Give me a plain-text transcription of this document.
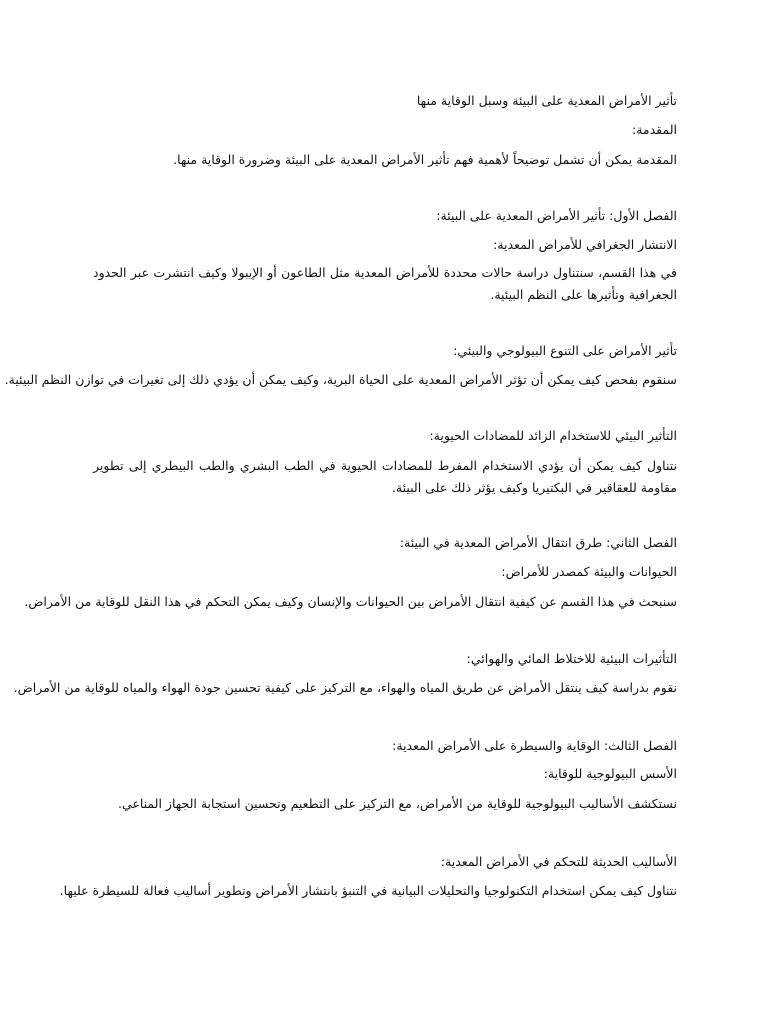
تأثير الأمراض المعدية على البيئة وسبل الوقاية منها
المقدمة:
المقدمة يمكن أن تشمل توضيحاً لأهمية فهم تأثير الأمراض المعدية على البيئة وضرورة الوقاية منها.
الفصل الأول: تأثير الأمراض المعدية على البيئة:
الانتشار الجغرافي للأمراض المعدية:
في هذا القسم، سنتناول دراسة حالات محددة للأمراض المعدية مثل الطاعون أو الإيبولا وكيف انتشرت عبر الحدود الجغرافية وتأثيرها على النظم البيئية.
تأثير الأمراض على التنوع البيولوجي والبيئي:
سنقوم بفحص كيف يمكن أن تؤثر الأمراض المعدية على الحياة البرية، وكيف يمكن أن يؤدي ذلك إلى تغيرات في توازن النظم البيئية.
التأثير البيئي للاستخدام الزائد للمضادات الحيوية:
نتناول كيف يمكن أن يؤدي الاستخدام المفرط للمضادات الحيوية في الطب البشري والطب البيطري إلى تطوير مقاومة للعقاقير في البكتيريا وكيف يؤثر ذلك على البيئة.
الفصل الثاني: طرق انتقال الأمراض المعدية في البيئة:
الحيوانات والبيئة كمصدر للأمراض:
سنبحث في هذا القسم عن كيفية انتقال الأمراض بين الحيوانات والإنسان وكيف يمكن التحكم في هذا النقل للوقاية من الأمراض.
التأثيرات البيئية للاختلاط المائي والهوائي:
نقوم بدراسة كيف ينتقل الأمراض عن طريق المياه والهواء، مع التركيز على كيفية تحسين جودة الهواء والمياه للوقاية من الأمراض.
الفصل الثالث: الوقاية والسيطرة على الأمراض المعدية:
الأسس البيولوجية للوقاية:
نستكشف الأساليب البيولوجية للوقاية من الأمراض، مع التركيز على التطعيم وتحسين استجابة الجهاز المناعي.
الأساليب الحديثة للتحكم في الأمراض المعدية:
نتناول كيف يمكن استخدام التكنولوجيا والتحليلات البيانية في التنبؤ بانتشار الأمراض وتطوير أساليب فعالة للسيطرة عليها.
